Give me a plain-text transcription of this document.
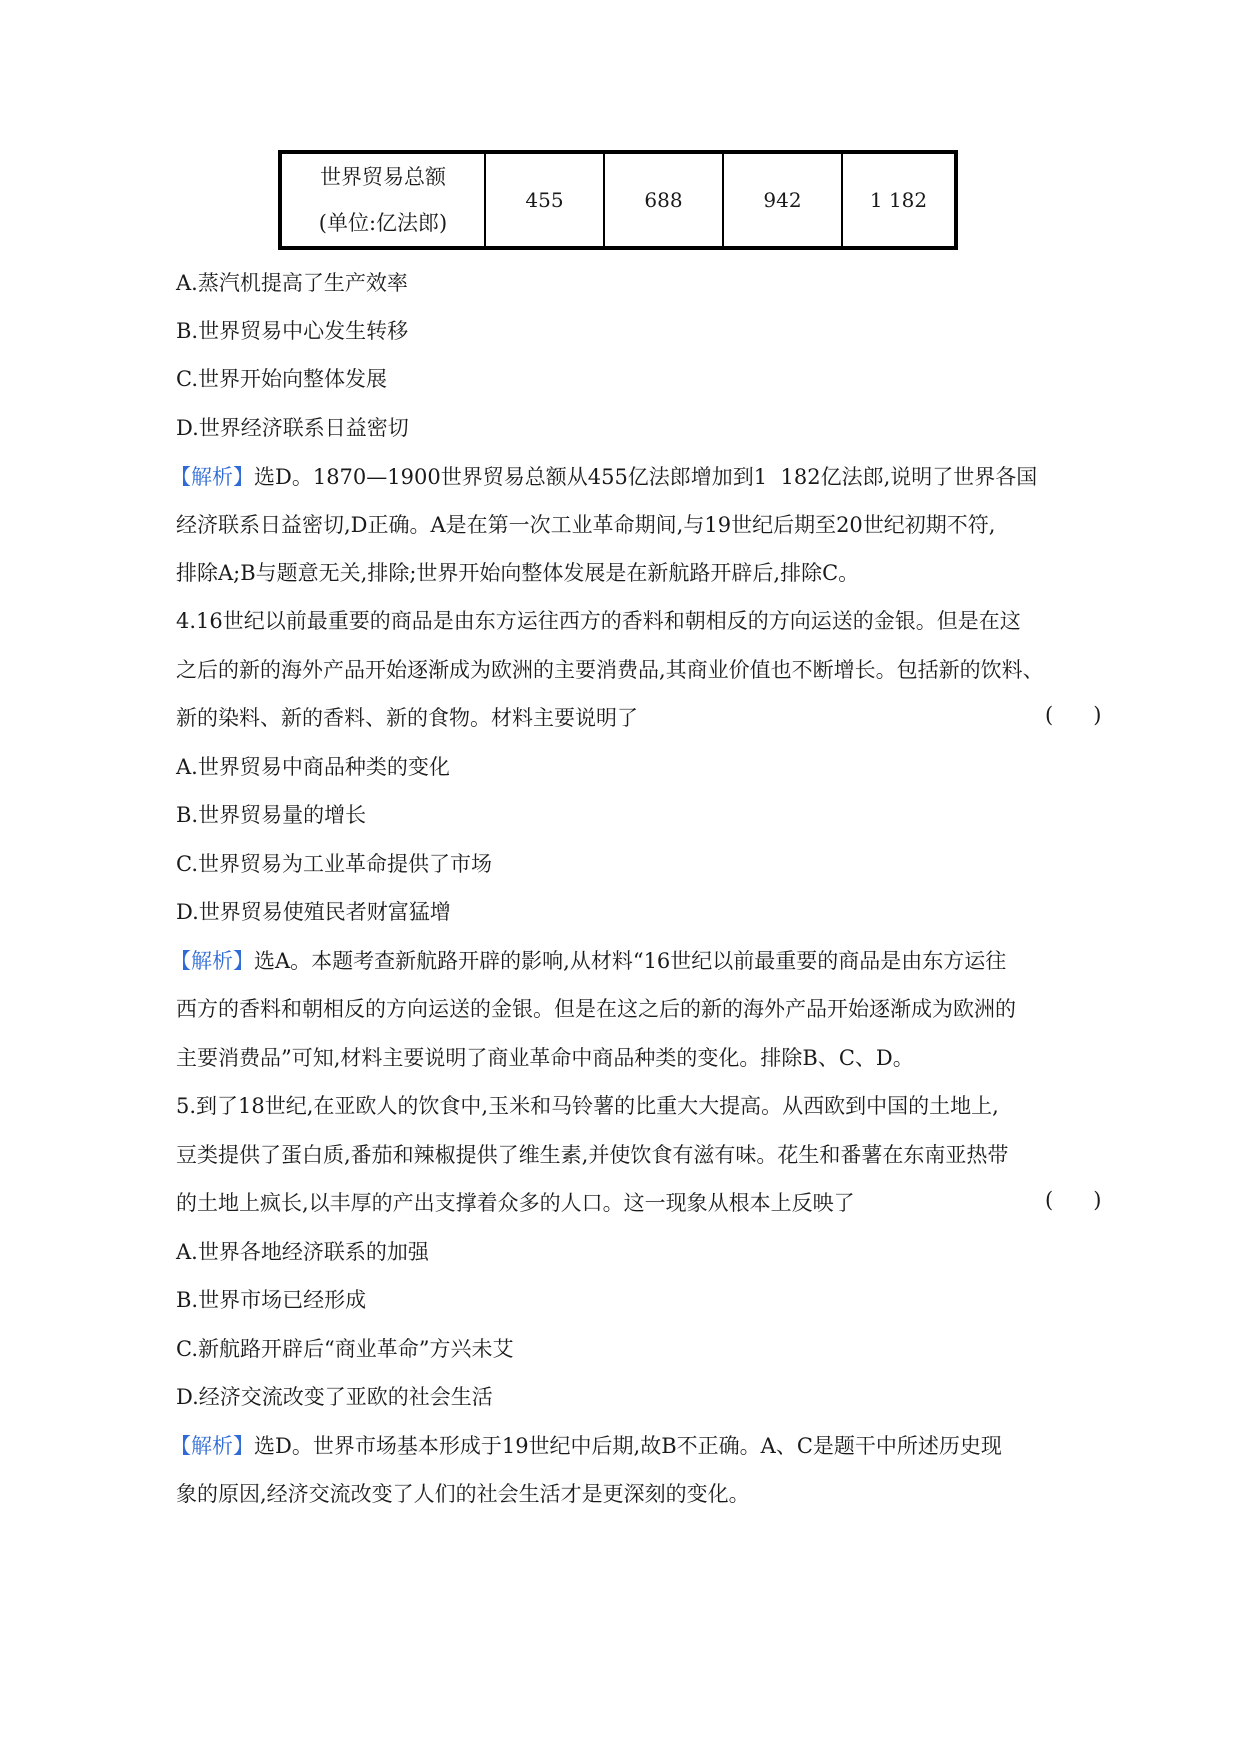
世界贸易总额
(单位:亿法郎)
455	688	942	1 182
A.蒸汽机提高了生产效率
B.世界贸易中心发生转移
C.世界开始向整体发展
D.世界经济联系日益密切
【解析】选D。1870—1900世界贸易总额从455亿法郎增加到1  182亿法郎,说明了世界各国
经济联系日益密切,D正确。A是在第一次工业革命期间,与19世纪后期至20世纪初期不符,
排除A;B与题意无关,排除;世界开始向整体发展是在新航路开辟后,排除C。
4.16世纪以前最重要的商品是由东方运往西方的香料和朝相反的方向运送的金银。但是在这
之后的新的海外产品开始逐渐成为欧洲的主要消费品,其商业价值也不断增长。包括新的饮料、
新的染料、新的香料、新的食物。材料主要说明了	(      )
A.世界贸易中商品种类的变化
B.世界贸易量的增长
C.世界贸易为工业革命提供了市场
D.世界贸易使殖民者财富猛增
【解析】选A。本题考查新航路开辟的影响,从材料“16世纪以前最重要的商品是由东方运往
西方的香料和朝相反的方向运送的金银。但是在这之后的新的海外产品开始逐渐成为欧洲的
主要消费品”可知,材料主要说明了商业革命中商品种类的变化。排除B、C、D。
5.到了18世纪,在亚欧人的饮食中,玉米和马铃薯的比重大大提高。从西欧到中国的土地上,
豆类提供了蛋白质,番茄和辣椒提供了维生素,并使饮食有滋有味。花生和番薯在东南亚热带
的土地上疯长,以丰厚的产出支撑着众多的人口。这一现象从根本上反映了	(      )
A.世界各地经济联系的加强
B.世界市场已经形成
C.新航路开辟后“商业革命”方兴未艾
D.经济交流改变了亚欧的社会生活
【解析】选D。世界市场基本形成于19世纪中后期,故B不正确。A、C是题干中所述历史现
象的原因,经济交流改变了人们的社会生活才是更深刻的变化。
